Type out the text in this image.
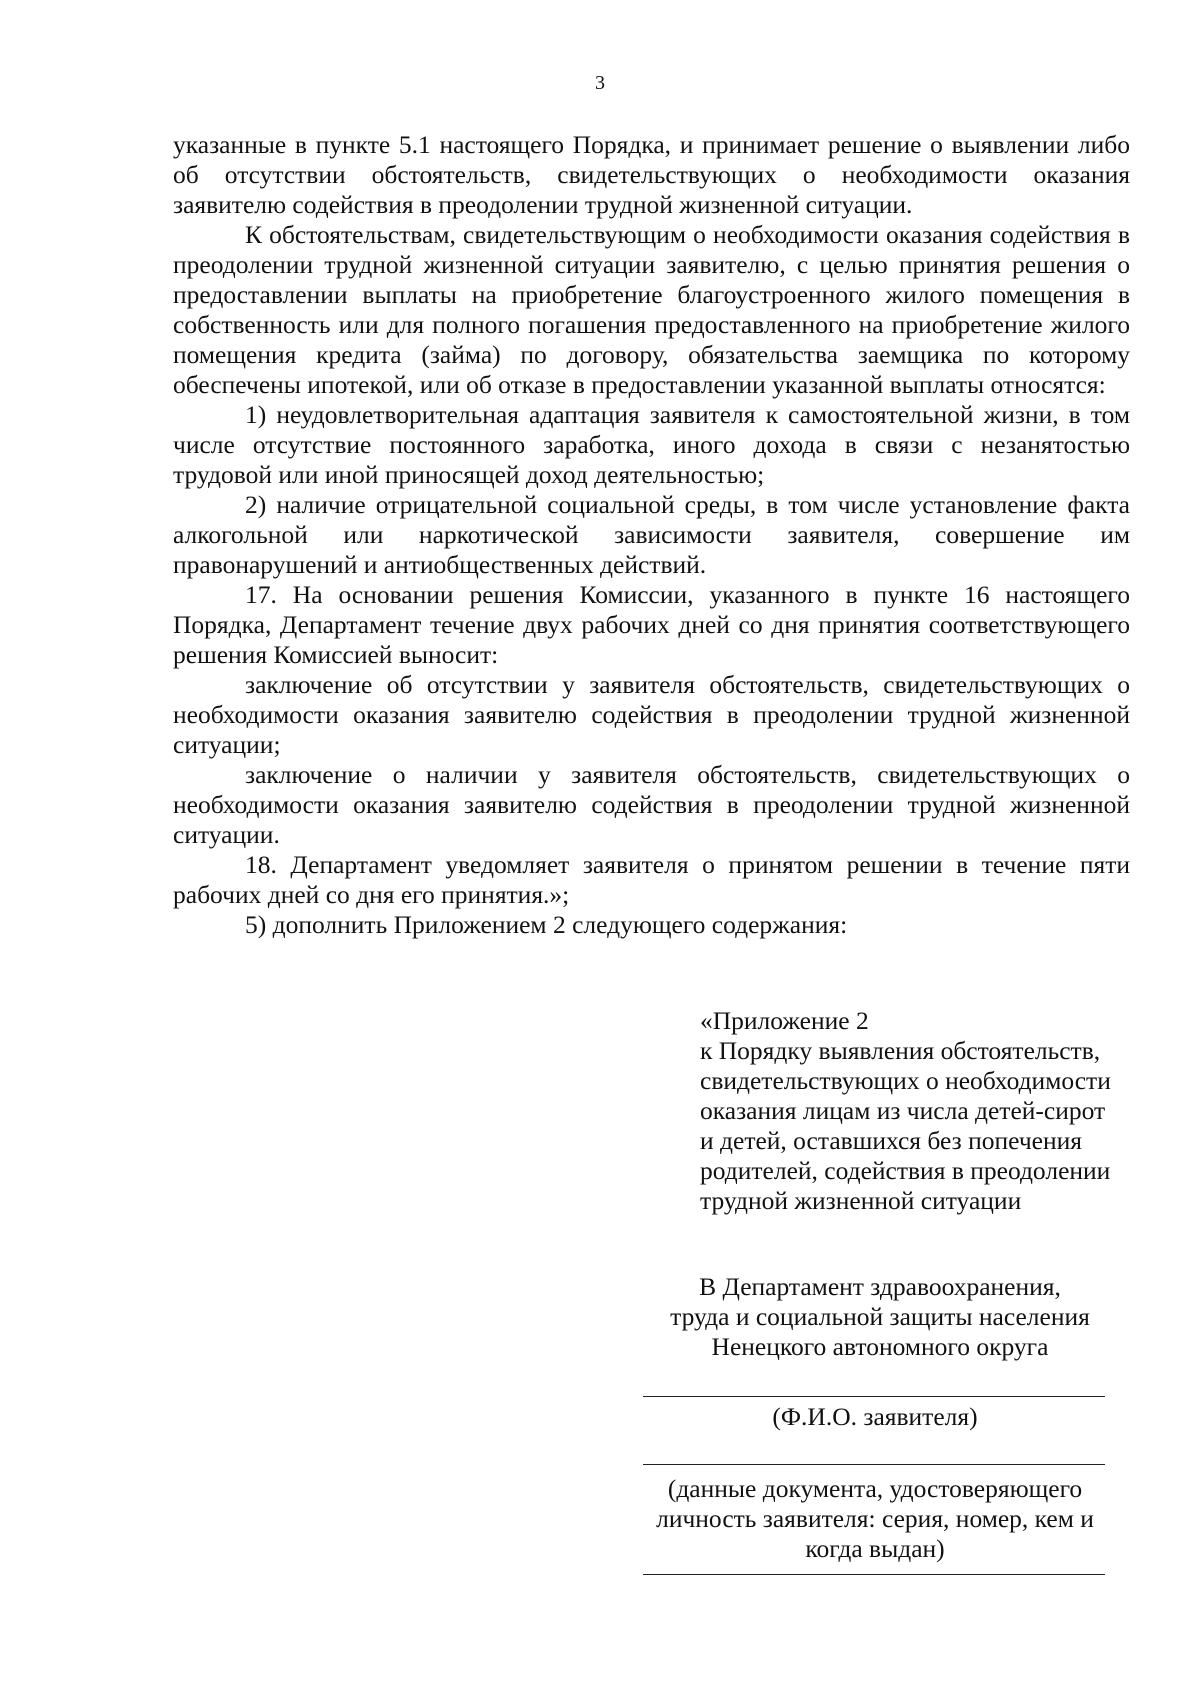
3

указанные в пункте 5.1 настоящего Порядка, и принимает решение о выявлении либо об отсутствии обстоятельств, свидетельствующих о необходимости оказания заявителю содействия в преодолении трудной жизненной ситуации.

К обстоятельствам, свидетельствующим о необходимости оказания содействия в преодолении трудной жизненной ситуации заявителю, с целью принятия решения о предоставлении выплаты на приобретение благоустроенного жилого помещения в собственность или для полного погашения предоставленного на приобретение жилого помещения кредита (займа) по договору, обязательства заемщика по которому обеспечены ипотекой, или об отказе в предоставлении указанной выплаты относятся:

1) неудовлетворительная адаптация заявителя к самостоятельной жизни, в том числе отсутствие постоянного заработка, иного дохода в связи с незанятостью трудовой или иной приносящей доход деятельностью;

2) наличие отрицательной социальной среды, в том числе установление факта алкогольной или наркотической зависимости заявителя, совершение им правонарушений и антиобщественных действий.

17. На основании решения Комиссии, указанного в пункте 16 настоящего Порядка, Департамент течение двух рабочих дней со дня принятия соответствующего решения Комиссией выносит:

заключение об отсутствии у заявителя обстоятельств, свидетельствующих о необходимости оказания заявителю содействия в преодолении трудной жизненной ситуации;

заключение о наличии у заявителя обстоятельств, свидетельствующих о необходимости оказания заявителю содействия в преодолении трудной жизненной ситуации.

18. Департамент уведомляет заявителя о принятом решении в течение пяти рабочих дней со дня его принятия.»;

5) дополнить Приложением 2 следующего содержания:

«Приложение 2
к Порядку выявления обстоятельств,
свидетельствующих о необходимости
оказания лицам из числа детей-сирот
и детей, оставшихся без попечения
родителей, содействия в преодолении
трудной жизненной ситуации
В Департамент здравоохранения,
труда и социальной защиты населения
Ненецкого автономного округа
(Ф.И.О. заявителя)
(данные документа, удостоверяющего
личность заявителя: серия, номер, кем и
когда выдан)
